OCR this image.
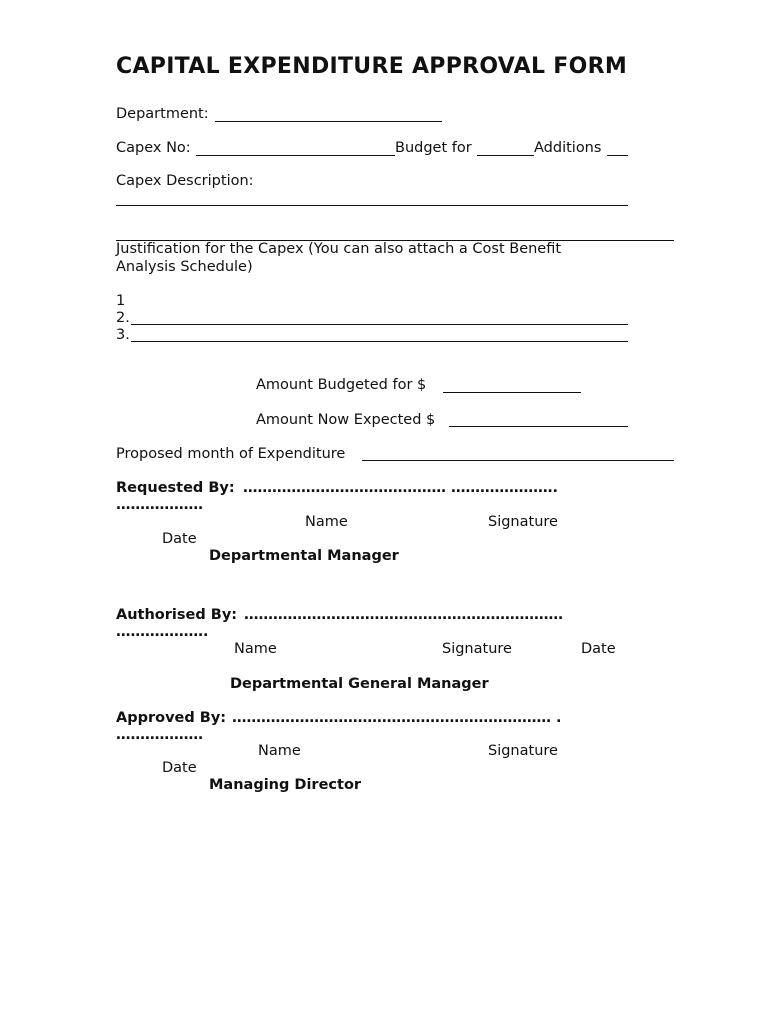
CAPITAL EXPENDITURE APPROVAL FORM
Department:
Capex No:	Budget for	Additions
Capex Description:
Justification for the Capex (You can also attach a Cost Benefit
Analysis Schedule)
1
2.
3.
Amount Budgeted for $
Amount Now Expected $
Proposed month of Expenditure
Requested By: …………………………………… ………………….
………………
Name	Signature
Date
Departmental Manager
Authorised By: …………………………………………………………
……………….
Name	Signature	Date
Departmental General Manager
Approved By: ………………………………………………………… .
………………
Name	Signature
Date
Managing Director
